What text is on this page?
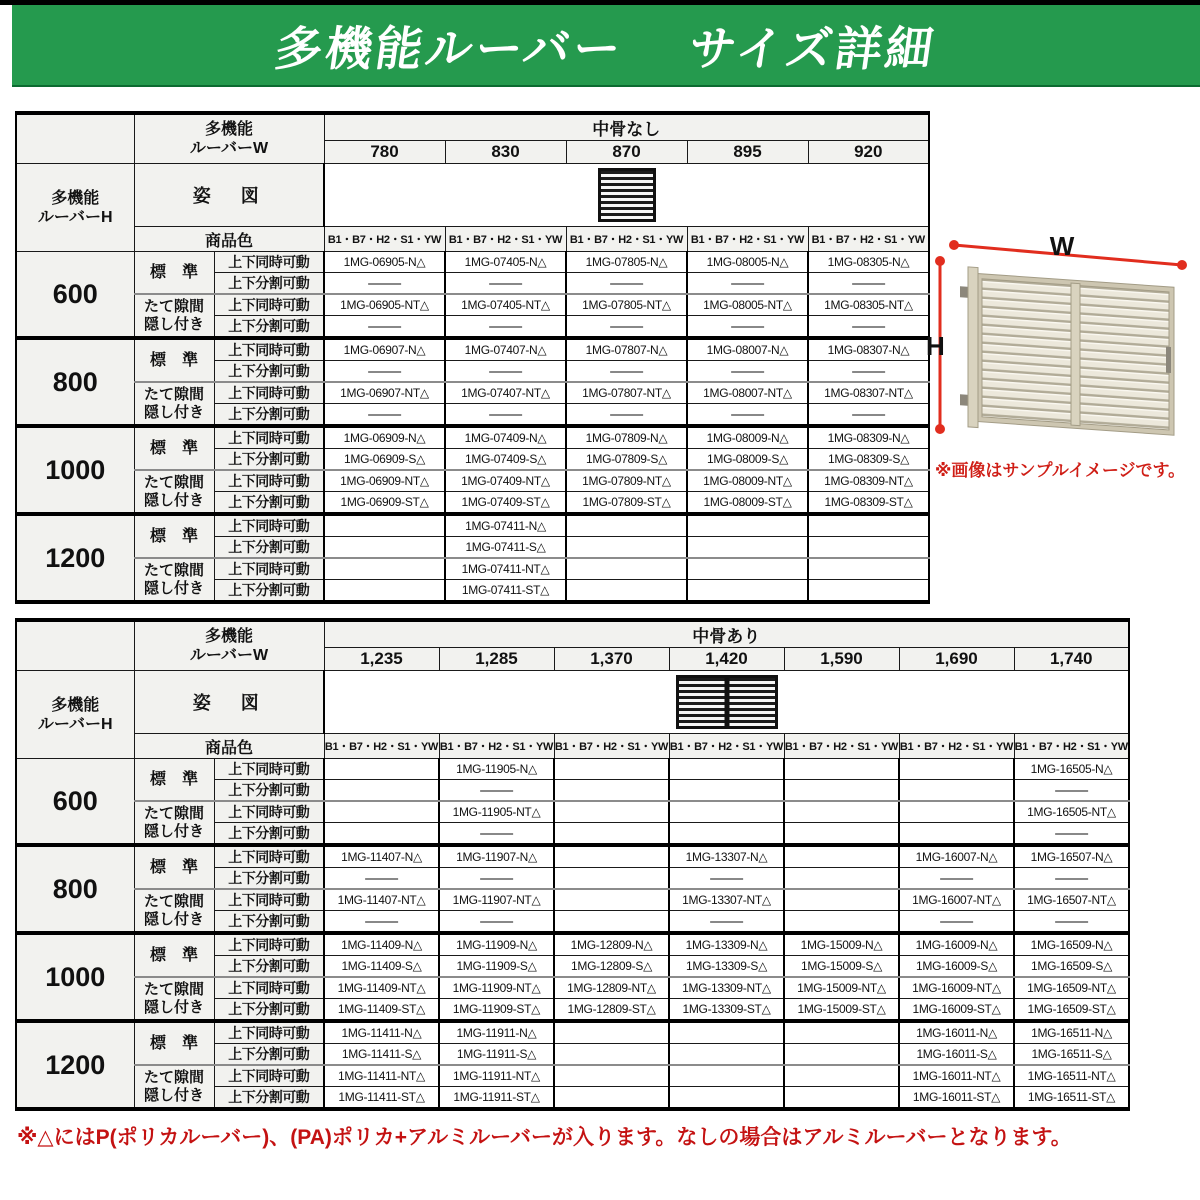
多機能ルーバー　 サイズ詳細
	多機能
ルーバーW		中骨なし				
			780	830	870	895	920
多機能
ルーバーH	姿　図						
	商品色		B1・B7・H2・S1・YW	B1・B7・H2・S1・YW	B1・B7・H2・S1・YW	B1・B7・H2・S1・YW	B1・B7・H2・S1・YW
600	標　準	上下同時可動	1MG-06905-N△	1MG-07405-N△	1MG-07805-N△	1MG-08005-N△	1MG-08305-N△
		上下分割可動	—	—	—	—	—
	たて隙間
隠し付き	上下同時可動	1MG-06905-NT△	1MG-07405-NT△	1MG-07805-NT△	1MG-08005-NT△	1MG-08305-NT△
		上下分割可動	—	—	—	—	—
800	標　準	上下同時可動	1MG-06907-N△	1MG-07407-N△	1MG-07807-N△	1MG-08007-N△	1MG-08307-N△
		上下分割可動	—	—	—	—	—
	たて隙間
隠し付き	上下同時可動	1MG-06907-NT△	1MG-07407-NT△	1MG-07807-NT△	1MG-08007-NT△	1MG-08307-NT△
		上下分割可動	—	—	—	—	—
1000	標　準	上下同時可動	1MG-06909-N△	1MG-07409-N△	1MG-07809-N△	1MG-08009-N△	1MG-08309-N△
		上下分割可動	1MG-06909-S△	1MG-07409-S△	1MG-07809-S△	1MG-08009-S△	1MG-08309-S△
	たて隙間
隠し付き	上下同時可動	1MG-06909-NT△	1MG-07409-NT△	1MG-07809-NT△	1MG-08009-NT△	1MG-08309-NT△
		上下分割可動	1MG-06909-ST△	1MG-07409-ST△	1MG-07809-ST△	1MG-08009-ST△	1MG-08309-ST△
1200	標　準	上下同時可動		1MG-07411-N△			
		上下分割可動		1MG-07411-S△			
	たて隙間
隠し付き	上下同時可動		1MG-07411-NT△			
		上下分割可動		1MG-07411-ST△			
W
H
※画像はサンプルイメージです。
	多機能
ルーバーW		中骨あり						
			1,235	1,285	1,370	1,420	1,590	1,690	1,740
多機能
ルーバーH	姿　図								
	商品色		B1・B7・H2・S1・YW	B1・B7・H2・S1・YW	B1・B7・H2・S1・YW	B1・B7・H2・S1・YW	B1・B7・H2・S1・YW	B1・B7・H2・S1・YW	B1・B7・H2・S1・YW
600	標　準	上下同時可動		1MG-11905-N△					1MG-16505-N△
		上下分割可動		—					—
	たて隙間
隠し付き	上下同時可動		1MG-11905-NT△					1MG-16505-NT△
		上下分割可動		—					—
800	標　準	上下同時可動	1MG-11407-N△	1MG-11907-N△		1MG-13307-N△		1MG-16007-N△	1MG-16507-N△
		上下分割可動	—	—		—		—	—
	たて隙間
隠し付き	上下同時可動	1MG-11407-NT△	1MG-11907-NT△		1MG-13307-NT△		1MG-16007-NT△	1MG-16507-NT△
		上下分割可動	—	—		—		—	—
1000	標　準	上下同時可動	1MG-11409-N△	1MG-11909-N△	1MG-12809-N△	1MG-13309-N△	1MG-15009-N△	1MG-16009-N△	1MG-16509-N△
		上下分割可動	1MG-11409-S△	1MG-11909-S△	1MG-12809-S△	1MG-13309-S△	1MG-15009-S△	1MG-16009-S△	1MG-16509-S△
	たて隙間
隠し付き	上下同時可動	1MG-11409-NT△	1MG-11909-NT△	1MG-12809-NT△	1MG-13309-NT△	1MG-15009-NT△	1MG-16009-NT△	1MG-16509-NT△
		上下分割可動	1MG-11409-ST△	1MG-11909-ST△	1MG-12809-ST△	1MG-13309-ST△	1MG-15009-ST△	1MG-16009-ST△	1MG-16509-ST△
1200	標　準	上下同時可動	1MG-11411-N△	1MG-11911-N△				1MG-16011-N△	1MG-16511-N△
		上下分割可動	1MG-11411-S△	1MG-11911-S△				1MG-16011-S△	1MG-16511-S△
	たて隙間
隠し付き	上下同時可動	1MG-11411-NT△	1MG-11911-NT△				1MG-16011-NT△	1MG-16511-NT△
		上下分割可動	1MG-11411-ST△	1MG-11911-ST△				1MG-16011-ST△	1MG-16511-ST△
※△にはP(ポリカルーバー)、(PA)ポリカ+アルミルーバーが入ります。なしの場合はアルミルーバーとなります。
